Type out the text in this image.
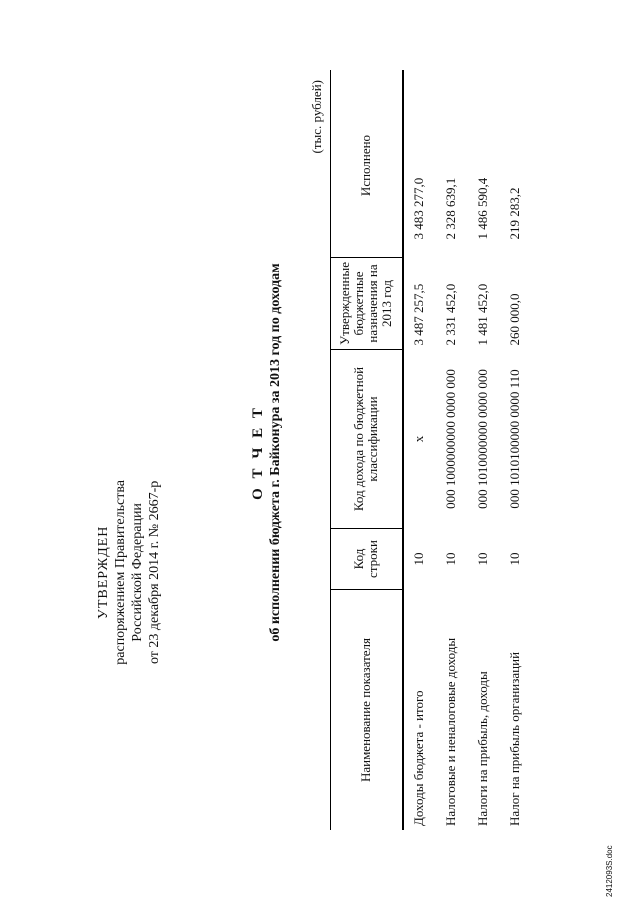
УТВЕРЖДЕН распоряжением Правительства Российской Федерации от 23 декабря 2014 г. № 2667-р
О Т Ч Е Т об исполнении бюджета г. Байконура за 2013 год по доходам
(тыс. рублей)
Наименование показателя	Код строки	Код дохода по бюджетной классификации	Утвержденные бюджетные назначения на 2013 год	Исполнено
Доходы бюджета - итого	10	x	3 487 257,5	3 483 277,0
Налоговые и неналоговые доходы	10	000 1000000000 0000 000	2 331 452,0	2 328 639,1
Налоги на прибыль, доходы	10	000 1010000000 0000 000	1 481 452,0	1 486 590,4
Налог на прибыль организаций	10	000 1010100000 0000 110	260 000,0	219 283,2
2412093S.doc
